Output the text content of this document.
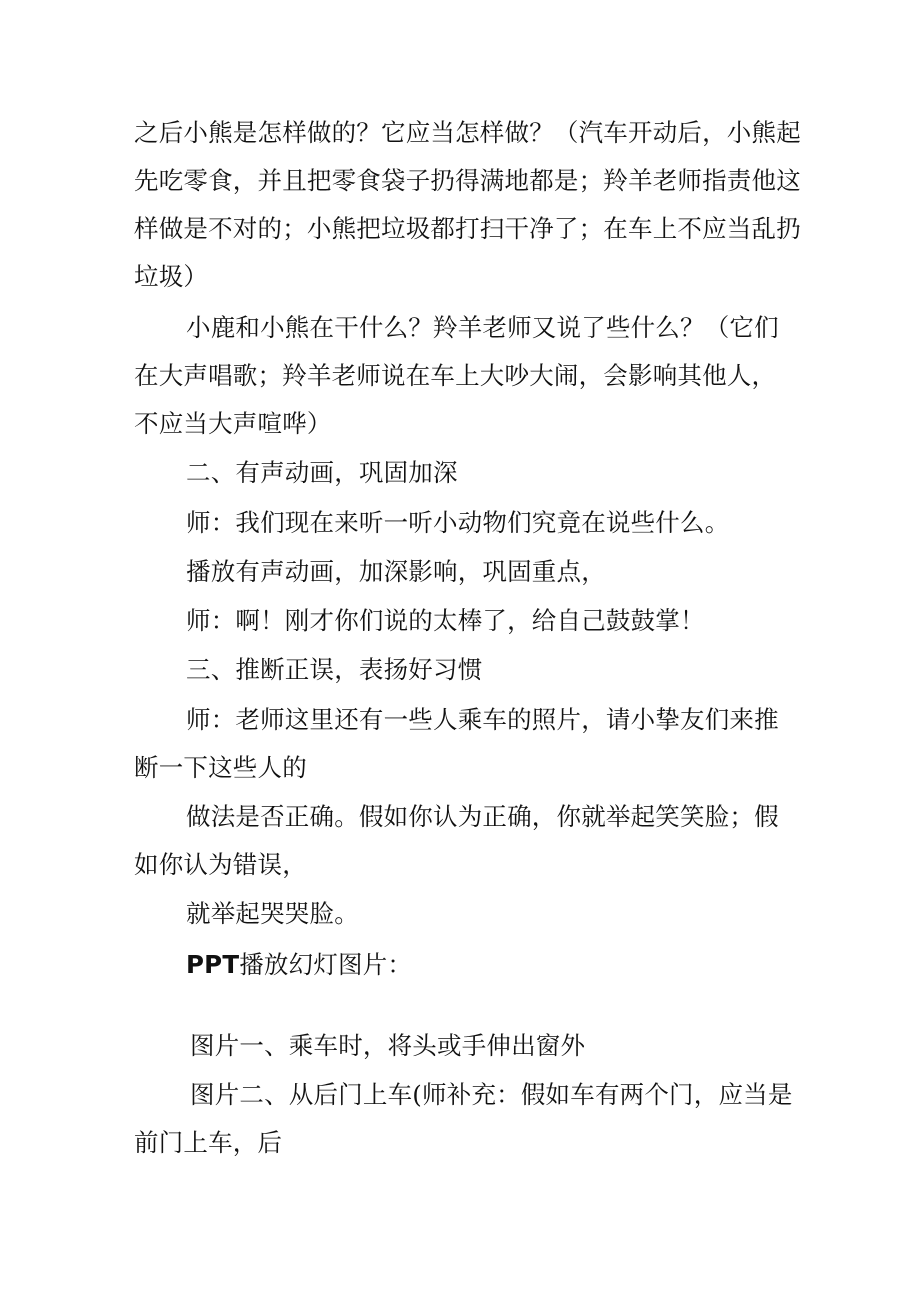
之后小熊是怎样做的？它应当怎样做？（汽车开动后，小熊起
先吃零食，并且把零食袋子扔得满地都是；羚羊老师指责他这
样做是不对的；小熊把垃圾都打扫干净了；在车上不应当乱扔
垃圾）
小鹿和小熊在干什么？羚羊老师又说了些什么？（它们
在大声唱歌；羚羊老师说在车上大吵大闹，会影响其他人，
不应当大声喧哗）
二、有声动画，巩固加深
师：我们现在来听一听小动物们究竟在说些什么。
播放有声动画，加深影响，巩固重点，
师：啊！刚才你们说的太棒了，给自己鼓鼓掌！
三、推断正误，表扬好习惯
师：老师这里还有一些人乘车的照片，请小挚友们来推
断一下这些人的
做法是否正确。假如你认为正确，你就举起笑笑脸；假
如你认为错误，
就举起哭哭脸。
PPT播放幻灯图片：
图片一、乘车时，将头或手伸出窗外
图片二、从后门上车(师补充：假如车有两个门，应当是
前门上车，后
